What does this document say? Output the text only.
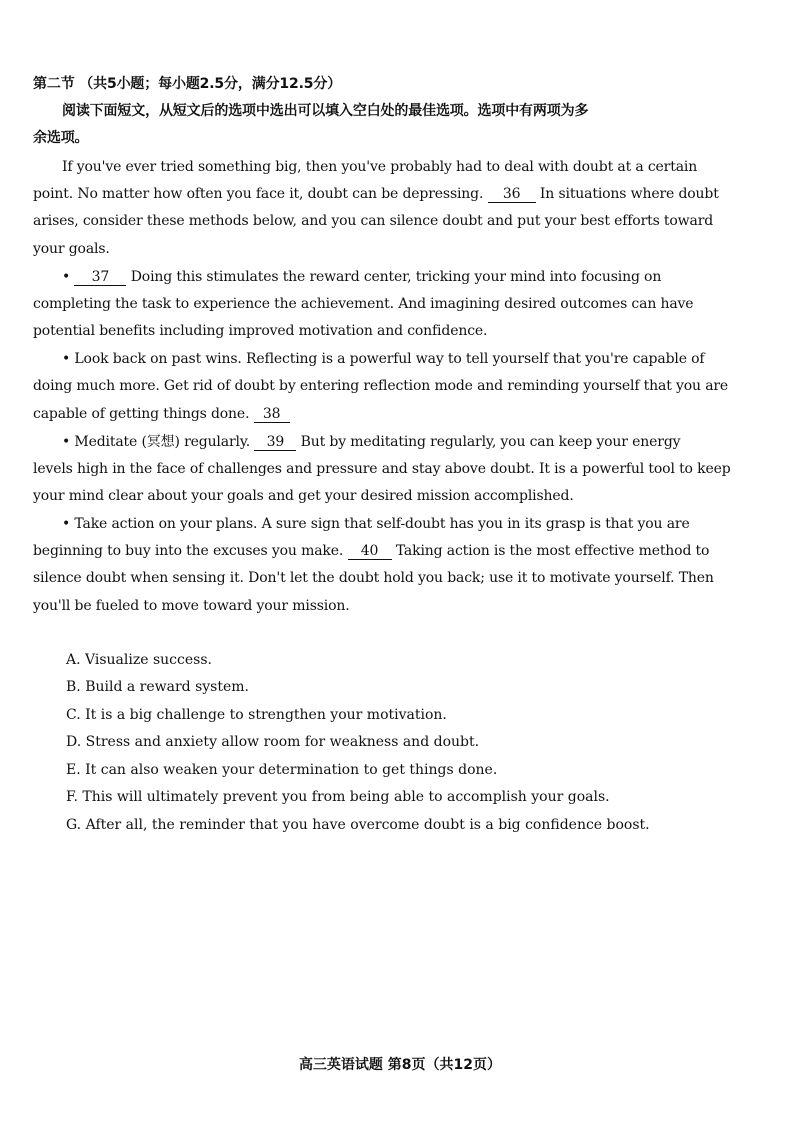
第二节 （共5小题；每小题2.5分，满分12.5分）
阅读下面短文，从短文后的选项中选出可以填入空白处的最佳选项。选项中有两项为多
余选项。
If you've ever tried something big, then you've probably had to deal with doubt at a certain
point. No matter how often you face it, doubt can be depressing. 36 In situations where doubt
arises, consider these methods below, and you can silence doubt and put your best efforts toward
your goals.
• 37 Doing this stimulates the reward center, tricking your mind into focusing on
completing the task to experience the achievement. And imagining desired outcomes can have
potential benefits including improved motivation and confidence.
• Look back on past wins. Reflecting is a powerful way to tell yourself that you're capable of
doing much more. Get rid of doubt by entering reflection mode and reminding yourself that you are
capable of getting things done. 38
• Meditate (冥想) regularly. 39 But by meditating regularly, you can keep your energy
levels high in the face of challenges and pressure and stay above doubt. It is a powerful tool to keep
your mind clear about your goals and get your desired mission accomplished.
• Take action on your plans. A sure sign that self-doubt has you in its grasp is that you are
beginning to buy into the excuses you make. 40 Taking action is the most effective method to
silence doubt when sensing it. Don't let the doubt hold you back; use it to motivate yourself. Then
you'll be fueled to move toward your mission.
A. Visualize success.
B. Build a reward system.
C. It is a big challenge to strengthen your motivation.
D. Stress and anxiety allow room for weakness and doubt.
E. It can also weaken your determination to get things done.
F. This will ultimately prevent you from being able to accomplish your goals.
G. After all, the reminder that you have overcome doubt is a big confidence boost.
高三英语试题 第8页（共12页）
